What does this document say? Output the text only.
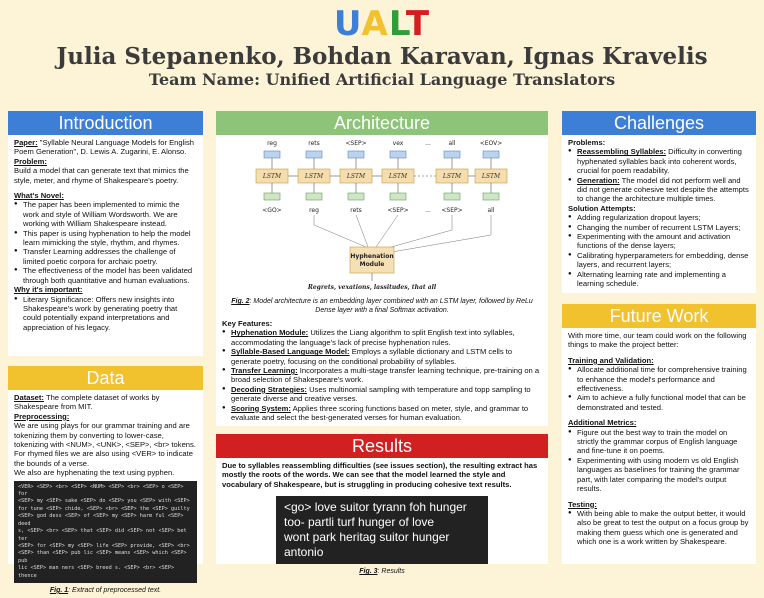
UALT
Julia Stepanenko, Bohdan Karavan, Ignas Kravelis
Team Name: Unified Artificial Language Translators
Introduction
Paper: "Syllable Neural Language Models for English Poem Generation", D. Lewis A. Zugarini, E. Alonso.
Problem:
Build a model that can generate text that mimics the style, meter, and rhyme of Shakespeare's poetry.
What's Novel:
● The paper has been implemented to mimic the work and style of William Wordsworth. We are working with William Shakespeare instead.
● This paper is using hyphenation to help the model learn mimicking the style, rhythm, and rhymes.
● Transfer Learning addresses the challenge of limited poetic corpora for archaic poetry.
● The effectiveness of the model has been validated through both quantitative and human evaluations.
Why it's important:
● Literary Significance: Offers new insights into Shakespeare's work by generating poetry that could potentially expand interpretations and appreciation of his legacy.
Data
Dataset: The complete dataset of works by Shakespeare from MIT.
Preprocessing:
We are using plays for our grammar training and are tokenizing them by converting to lower-case, tokenizing with <NUM>, <UNK>, <SEP>, <br> tokens. For rhymed files we are also using <VER> to indicate the bounds of a verse.
We also are hyphenating the text using pyphen.
<VER> <SEP> <br> <SEP> <NUM> <SEP> <br> <SEP> o <SEP> for
<SEP> my <SEP> sake <SEP> do <SEP> you <SEP> with <SEP>
for tune <SEP> chide, <SEP> <br> <SEP> the <SEP> guilty
<SEP> god dess <SEP> of <SEP> my <SEP> harm ful <SEP> deed
s, <SEP> <br> <SEP> that <SEP> did <SEP> not <SEP> bet ter
<SEP> for <SEP> my <SEP> life <SEP> provide, <SEP> <br>
<SEP> than <SEP> pub lic <SEP> means <SEP> which <SEP> pub
lic <SEP> man ners <SEP> breed s. <SEP> <br> <SEP> thence
Fig. 1: Extract of preprocessed text.
Architecture
reg	rets	<SEP>	vex	...	all	<EOV>
LSTM	LSTM	LSTM	LSTM	LSTM	LSTM
<GO>	reg	rets	<SEP>	... <SEP>	all
Hyphenation
Module
Regrets, vexations, lassitudes, that all
Fig. 2: Model architecture is an embedding layer combined with an LSTM layer, followed by ReLu Dense layer with a final Softmax activation.
Key Features:
● Hyphenation Module: Utilizes the Liang algorithm to split English text into syllables, accommodating the language's lack of precise hyphenation rules.
● Syllable-Based Language Model: Employs a syllable dictionary and LSTM cells to generate poetry, focusing on the conditional probability of syllables.
● Transfer Learning: Incorporates a multi-stage transfer learning technique, pre-training on a broad selection of Shakespeare's work.
● Decoding Strategies: Uses multinomial sampling with temperature and topp sampling to generate diverse and creative verses.
● Scoring System: Applies three scoring functions based on meter, style, and grammar to evaluate and select the best-generated verses for human evaluation.
Results
Due to syllables reassembling difficulties (see issues section), the resulting extract has mostly the roots of the words. We can see that the model learned the style and vocabulary of Shakespeare, but is struggling in producing cohesive text results.
<go> love suitor tyrann foh hunger
too- partli turf hunger of love
wont park heritag suitor hunger antonio
Fig. 3: Results
Challenges
Problems:
● Reassembling Syllables: Difficulty in converting hyphenated syllables back into coherent words, crucial for poem readability.
● Generation: The model did not perform well and did not generate cohesive text despite the attempts to change the architecture multiple times.
Solution Attempts:
● Adding regularization dropout layers;
● Changing the number of recurrent LSTM Layers;
● Experimenting with the amount and activation functions of the dense layers;
● Calibrating hyperparameters for embedding, dense layers, and recurrent layers;
● Alternating learning rate and implementing a learning schedule.
Future Work
With more time, our team could work on the following things to make the project better:
Training and Validation:
● Allocate additional time for comprehensive training to enhance the model's performance and effectiveness.
● Aim to achieve a fully functional model that can be demonstrated and tested.
Additional Metrics:
● Figure out the best way to train the model on strictly the grammar corpus of English language and fine-tune it on poems.
● Experimenting with using modern vs old English languages as baselines for training the grammar part, with later comparing the model's output results.
Testing:
● With being able to make the output better, it would also be great to test the output on a focus group by making them guess which one is generated and which one is a work written by Shakespeare.
